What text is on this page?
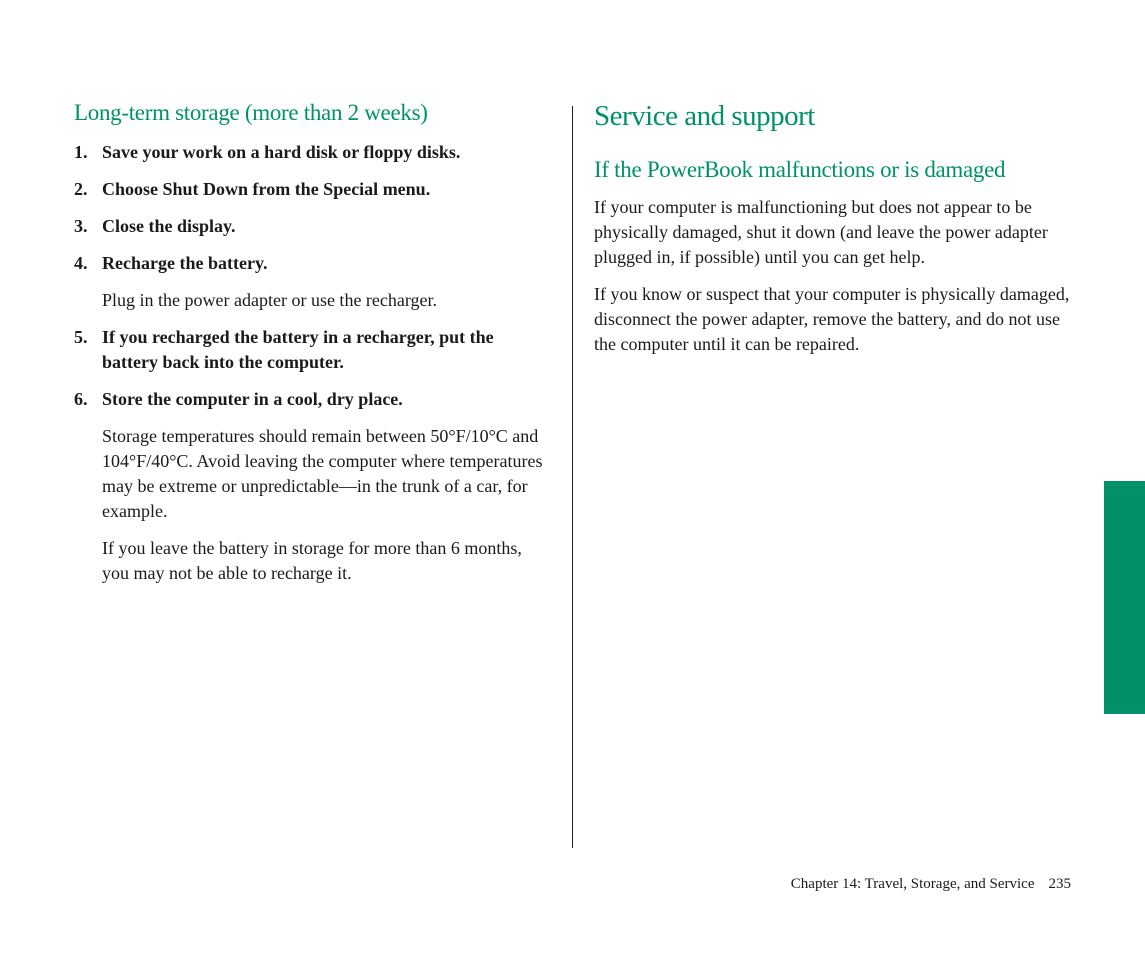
Long-term storage (more than 2 weeks)
1. Save your work on a hard disk or floppy disks.
2. Choose Shut Down from the Special menu.
3. Close the display.
4. Recharge the battery.
Plug in the power adapter or use the recharger.
5. If you recharged the battery in a recharger, put the battery back into the computer.
6. Store the computer in a cool, dry place.
Storage temperatures should remain between 50°F/10°C and 104°F/40°C. Avoid leaving the computer where temperatures may be extreme or unpredictable—in the trunk of a car, for example.
If you leave the battery in storage for more than 6 months, you may not be able to recharge it.
Service and support
If the PowerBook malfunctions or is damaged

If your computer is malfunctioning but does not appear to be physically damaged, shut it down (and leave the power adapter plugged in, if possible) until you can get help.

If you know or suspect that your computer is physically damaged, disconnect the power adapter, remove the battery, and do not use the computer until it can be repaired.

Chapter 14: Travel, Storage, and Service 235
